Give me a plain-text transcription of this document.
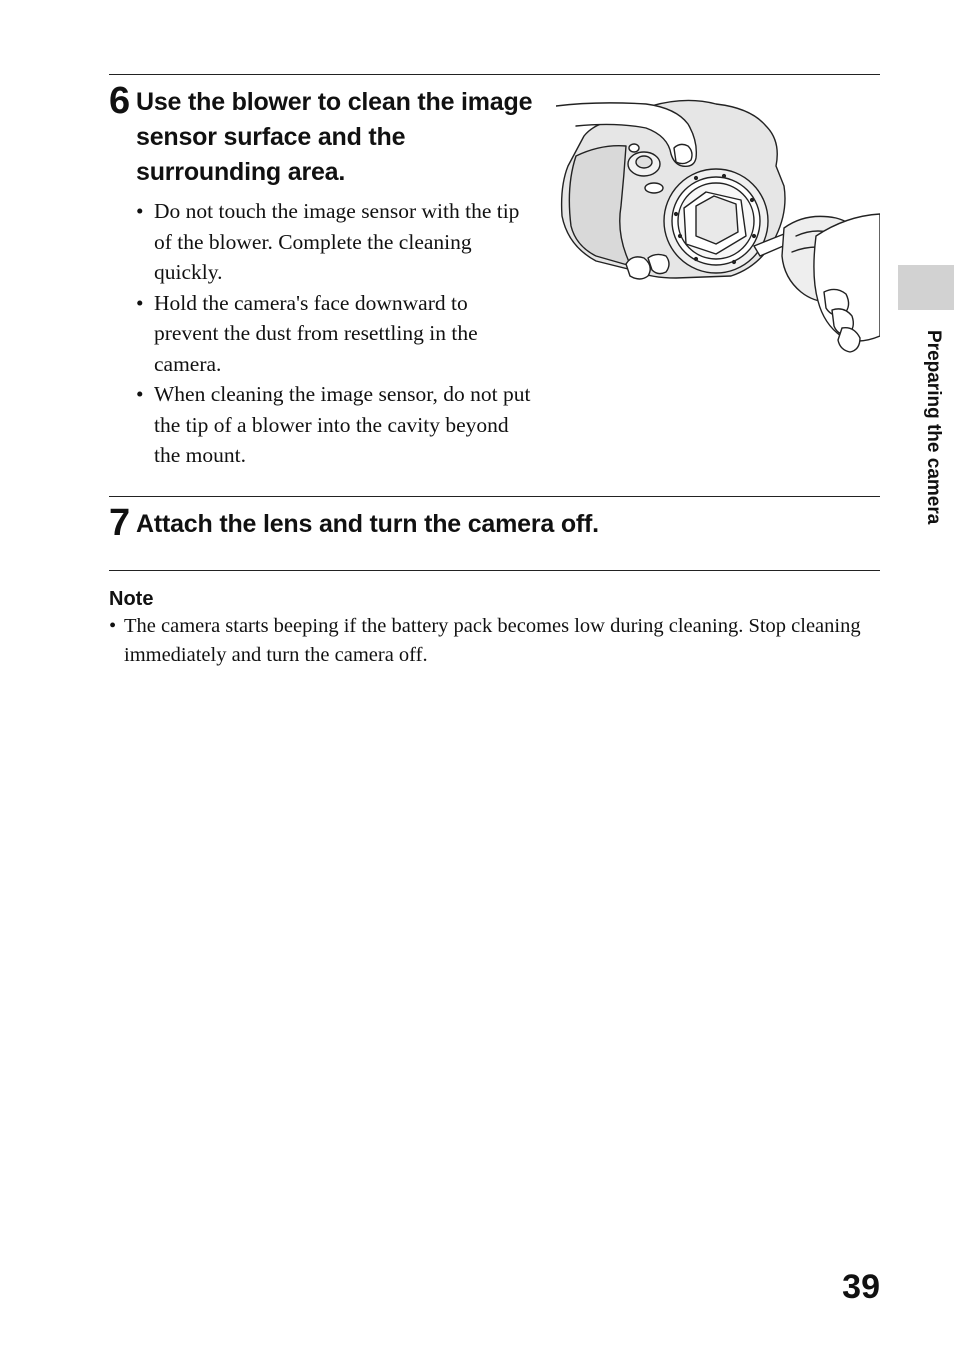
6 Use the blower to clean the image
sensor surface and the
surrounding area.
• Do not touch the image sensor with the tip of the blower. Complete the cleaning quickly.
• Hold the camera's face downward to prevent the dust from resettling in the camera.
• When cleaning the image sensor, do not put the tip of a blower into the cavity beyond the mount.
7 Attach the lens and turn the camera off.
Note
• The camera starts beeping if the battery pack becomes low during cleaning. Stop cleaning immediately and turn the camera off.
Preparing the camera
39
